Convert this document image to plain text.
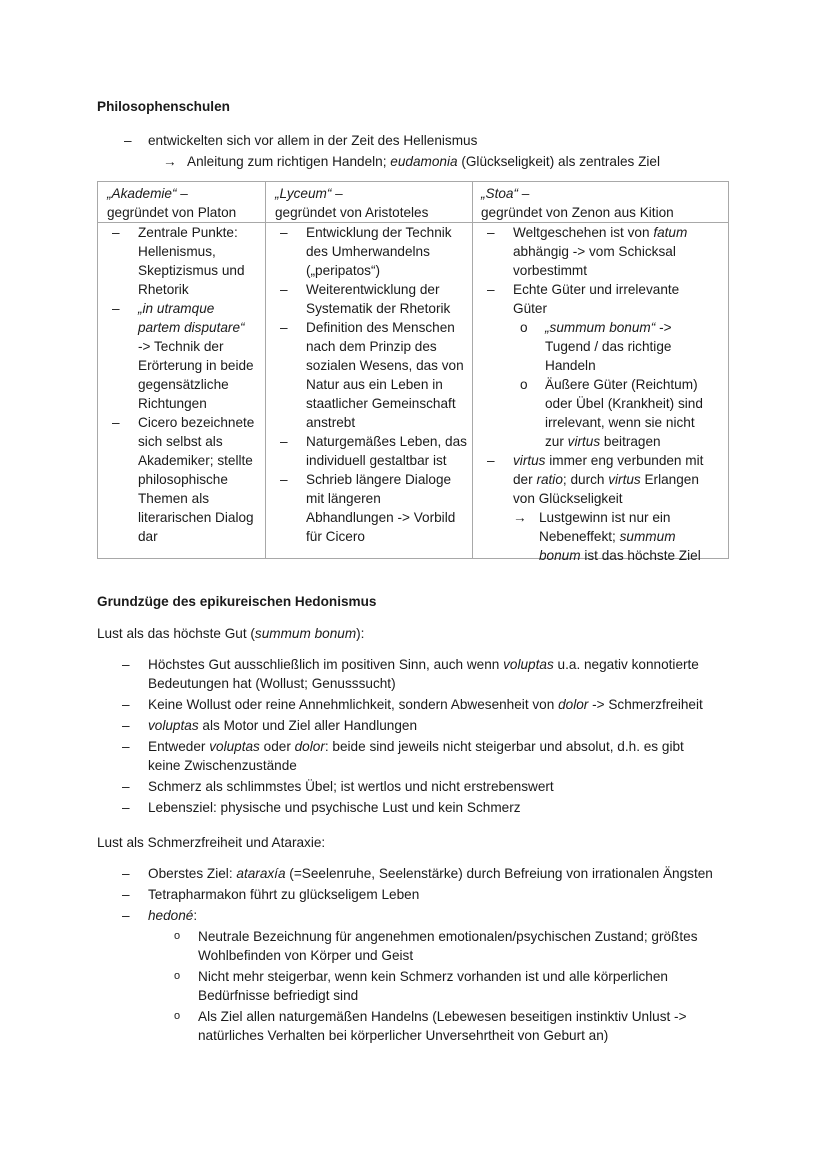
Philosophenschulen
– entwickelten sich vor allem in der Zeit des Hellenismus
→ Anleitung zum richtigen Handeln; eudamonia (Glückseligkeit) als zentrales Ziel
„Akademie“ –
gegründet von Platon
„Lyceum“ –
gegründet von Aristoteles
„Stoa“ –
gegründet von Zenon aus Kition
– Zentrale Punkte:
Hellenismus,
Skeptizismus und
Rhetorik
– „in utramque
partem disputare“
-> Technik der
Erörterung in beide
gegensätzliche
Richtungen
– Cicero bezeichnete
sich selbst als
Akademiker; stellte
philosophische
Themen als
literarischen Dialog
dar
– Entwicklung der Technik
des Umherwandelns
(„peripatos“)
– Weiterentwicklung der
Systematik der Rhetorik
– Definition des Menschen
nach dem Prinzip des
sozialen Wesens, das von
Natur aus ein Leben in
staatlicher Gemeinschaft
anstrebt
– Naturgemäßes Leben, das
individuell gestaltbar ist
– Schrieb längere Dialoge
mit längeren
Abhandlungen -> Vorbild
für Cicero
– Weltgeschehen ist von fatum
abhängig -> vom Schicksal
vorbestimmt
– Echte Güter und irrelevante
Güter
o „summum bonum“ ->
Tugend / das richtige
Handeln
o Äußere Güter (Reichtum)
oder Übel (Krankheit) sind
irrelevant, wenn sie nicht
zur virtus beitragen
– virtus immer eng verbunden mit
der ratio; durch virtus Erlangen
von Glückseligkeit
→ Lustgewinn ist nur ein
Nebeneffekt; summum
bonum ist das höchste Ziel
Grundzüge des epikureischen Hedonismus
Lust als das höchste Gut (summum bonum):
– Höchstes Gut ausschließlich im positiven Sinn, auch wenn voluptas u.a. negativ konnotierte
Bedeutungen hat (Wollust; Genusssucht)
– Keine Wollust oder reine Annehmlichkeit, sondern Abwesenheit von dolor -> Schmerzfreiheit
– voluptas als Motor und Ziel aller Handlungen
– Entweder voluptas oder dolor: beide sind jeweils nicht steigerbar und absolut, d.h. es gibt
keine Zwischenzustände
– Schmerz als schlimmstes Übel; ist wertlos und nicht erstrebenswert
– Lebensziel: physische und psychische Lust und kein Schmerz
Lust als Schmerzfreiheit und Ataraxie:
– Oberstes Ziel: ataraxía (=Seelenruhe, Seelenstärke) durch Befreiung von irrationalen Ängsten
– Tetrapharmakon führt zu glückseligem Leben
– hedoné:
o Neutrale Bezeichnung für angenehmen emotionalen/psychischen Zustand; größtes
Wohlbefinden von Körper und Geist
o Nicht mehr steigerbar, wenn kein Schmerz vorhanden ist und alle körperlichen
Bedürfnisse befriedigt sind
o Als Ziel allen naturgemäßen Handelns (Lebewesen beseitigen instinktiv Unlust ->
natürliches Verhalten bei körperlicher Unversehrtheit von Geburt an)
